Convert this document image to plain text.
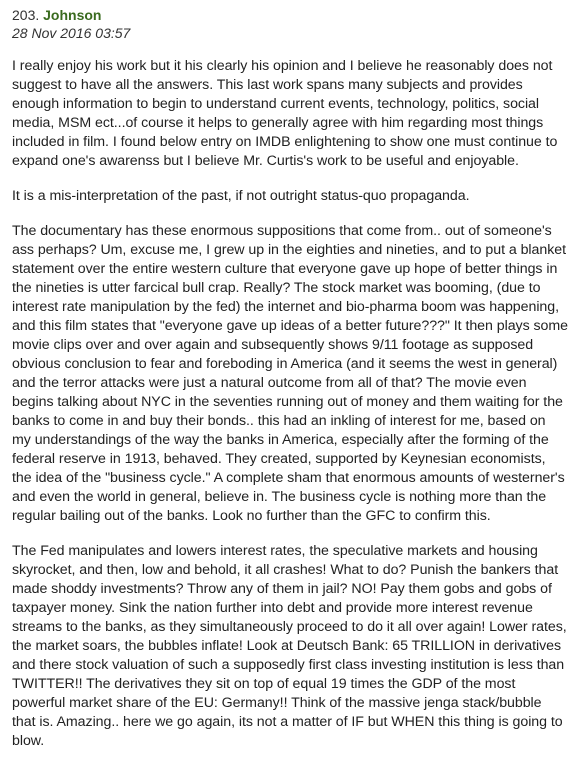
203. Johnson
28 Nov 2016 03:57

I really enjoy his work but it his clearly his opinion and I believe he reasonably does not suggest to have all the answers. This last work spans many subjects and provides enough information to begin to understand current events, technology, politics, social media, MSM ect...of course it helps to generally agree with him regarding most things included in film. I found below entry on IMDB enlightening to show one must continue to expand one's awarenss but I believe Mr. Curtis's work to be useful and enjoyable.

It is a mis-interpretation of the past, if not outright status-quo propaganda.

The documentary has these enormous suppositions that come from.. out of someone's ass perhaps? Um, excuse me, I grew up in the eighties and nineties, and to put a blanket statement over the entire western culture that everyone gave up hope of better things in the nineties is utter farcical bull crap. Really? The stock market was booming, (due to interest rate manipulation by the fed) the internet and bio-pharma boom was happening, and this film states that "everyone gave up ideas of a better future???" It then plays some movie clips over and over again and subsequently shows 9/11 footage as supposed obvious conclusion to fear and foreboding in America (and it seems the west in general) and the terror attacks were just a natural outcome from all of that? The movie even begins talking about NYC in the seventies running out of money and them waiting for the banks to come in and buy their bonds.. this had an inkling of interest for me, based on my understandings of the way the banks in America, especially after the forming of the federal reserve in 1913, behaved. They created, supported by Keynesian economists, the idea of the "business cycle." A complete sham that enormous amounts of westerner's and even the world in general, believe in. The business cycle is nothing more than the regular bailing out of the banks. Look no further than the GFC to confirm this.

The Fed manipulates and lowers interest rates, the speculative markets and housing skyrocket, and then, low and behold, it all crashes! What to do? Punish the bankers that made shoddy investments? Throw any of them in jail? NO! Pay them gobs and gobs of taxpayer money. Sink the nation further into debt and provide more interest revenue streams to the banks, as they simultaneously proceed to do it all over again! Lower rates, the market soars, the bubbles inflate! Look at Deutsch Bank: 65 TRILLION in derivatives and there stock valuation of such a supposedly first class investing institution is less than TWITTER!! The derivatives they sit on top of equal 19 times the GDP of the most powerful market share of the EU: Germany!! Think of the massive jenga stack/bubble that is. Amazing.. here we go again, its not a matter of IF but WHEN this thing is going to blow.
